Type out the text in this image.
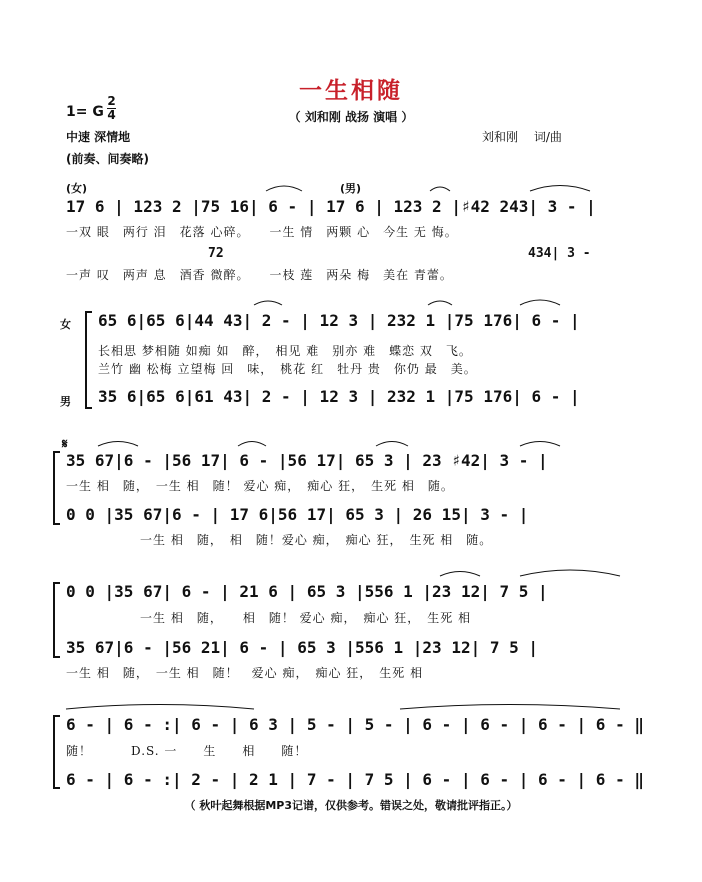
一生相随
（ 刘和刚 战扬 演唱 ）
1= G
2
4
中速 深情地
(前奏、间奏略)
刘和刚　 词/曲
(女)	(男)
17 6 | 123 2 |75 16| 6 - | 17 6 | 123 2 |♯42 243| 3 - |
一双 眼　两行 泪　花落 心碎。　　一生 情　两颗 心　今生 无 悔。
72	434| 3 -
一声 叹　两声 息　酒香 微醉。　　一枝 莲　两朵 梅　美在 青蕾。
女
男
65 6|65 6|44 43| 2 - | 12 3 | 232 1 |75 176| 6 - |
长相思 梦相随 如痴 如　醉，　相见 难　别亦 难　蝶恋 双　飞。
兰竹 幽 松梅 立望梅 回　味，　桃花 红　牡丹 贵　你仍 最　美。
35 6|65 6|61 43| 2 - | 12 3 | 232 1 |75 176| 6 - |
𝄋
35 67|6 - |56 17| 6 - |56 17| 65 3 | 23 ♯42| 3 - |
一生 相　随，　一生 相　随！ 爱心 痴，　痴心 狂，　生死 相　随。
0 0 |35 67|6 - | 17 6|56 17| 65 3 | 26 15| 3 - |
一生 相　随，　相　随！爱心 痴，　痴心 狂，　生死 相　随。
0 0 |35 67| 6 - | 21 6 | 65 3 |556 1 |23 12| 7 5 |
一生 相　随，　　相　随！ 爱心 痴，　痴心 狂，　生死 相
35 67|6 - |56 21| 6 - | 65 3 |556 1 |23 12| 7 5 |
一生 相　随，　一生 相　随！　爱心 痴，　痴心 狂，　生死 相
6 - | 6 - :| 6 - | 6 3 | 5 - | 5 - | 6 - | 6 - | 6 - | 6 - ‖
随！　　　D.S. 一　　生　　相　　随！
6 - | 6 - :| 2 - | 2 1 | 7 - | 7 5 | 6 - | 6 - | 6 - | 6 - ‖
（ 秋叶起舞根据MP3记谱，仅供参考。错误之处，敬请批评指正。）
